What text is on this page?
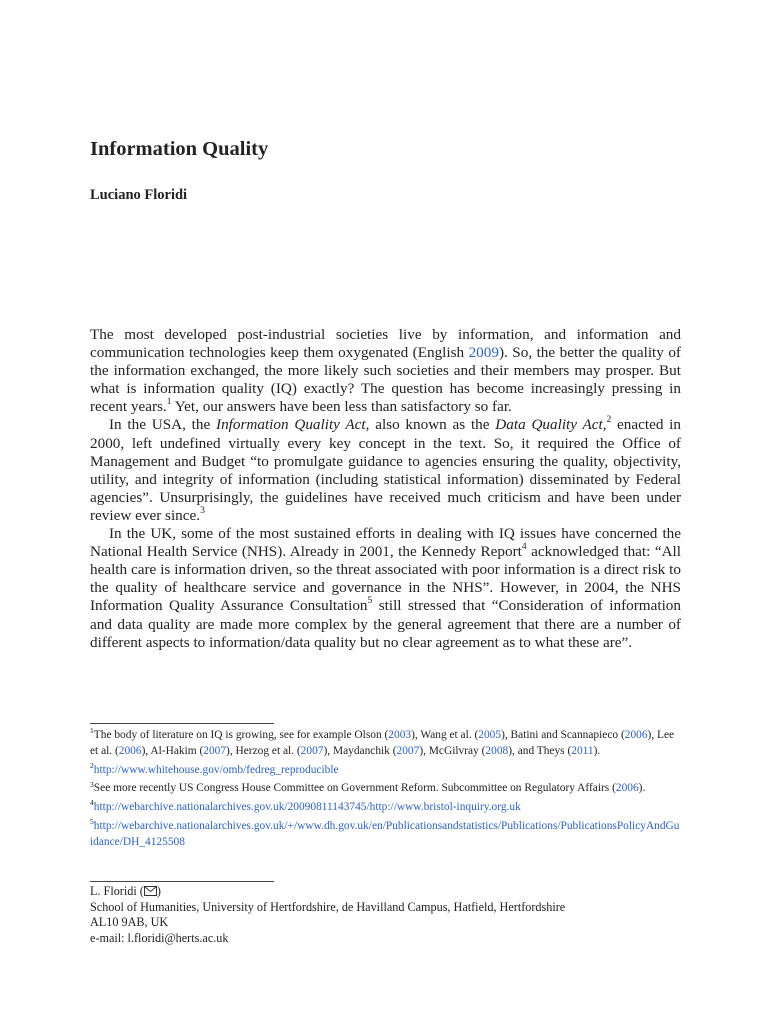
Information Quality
Luciano Floridi

The most developed post-industrial societies live by information, and information and communication technologies keep them oxygenated (English 2009). So, the better the quality of the information exchanged, the more likely such societies and their members may prosper. But what is information quality (IQ) exactly? The question has become increasingly pressing in recent years.$^1$ Yet, our answers have been less than satisfactory so far.

In the USA, the Information Quality Act, also known as the Data Quality Act,$^2$ enacted in 2000, left undefined virtually every key concept in the text. So, it required the Office of Management and Budget “to promulgate guidance to agencies ensuring the quality, objectivity, utility, and integrity of information (including statistical information) disseminated by Federal agencies”. Unsurprisingly, the guidelines have received much criticism and have been under review ever since.$^3$

In the UK, some of the most sustained efforts in dealing with IQ issues have concerned the National Health Service (NHS). Already in 2001, the Kennedy Report$^4$ acknowledged that: “All health care is information driven, so the threat associated with poor information is a direct risk to the quality of healthcare service and governance in the NHS”. However, in 2004, the NHS Information Quality Assurance Consultation$^5$ still stressed that “Consideration of information and data quality are made more complex by the general agreement that there are a number of different aspects to information/data quality but no clear agreement as to what these are”.

$^1$The body of literature on IQ is growing, see for example Olson (2003), Wang et al. (2005), Batini and Scannapieco (2006), Lee et al. (2006), Al-Hakim (2007), Herzog et al. (2007), Maydanchik (2007), McGilvray (2008), and Theys (2011).

$^2$http://www.whitehouse.gov/omb/fedreg_reproducible

$^3$See more recently US Congress House Committee on Government Reform. Subcommittee on Regulatory Affairs (2006).

$^4$http://webarchive.nationalarchives.gov.uk/20090811143745/http://www.bristol-inquiry.org.uk

$^5$http://webarchive.nationalarchives.gov.uk/+/www.dh.gov.uk/en/Publicationsandstatistics/Publications/PublicationsPolicyAndGuidance/DH_4125508

L. Floridi ( )
School of Humanities, University of Hertfordshire, de Havilland Campus, Hatfield, Hertfordshire
AL10 9AB, UK
e-mail: l.floridi@herts.ac.uk
